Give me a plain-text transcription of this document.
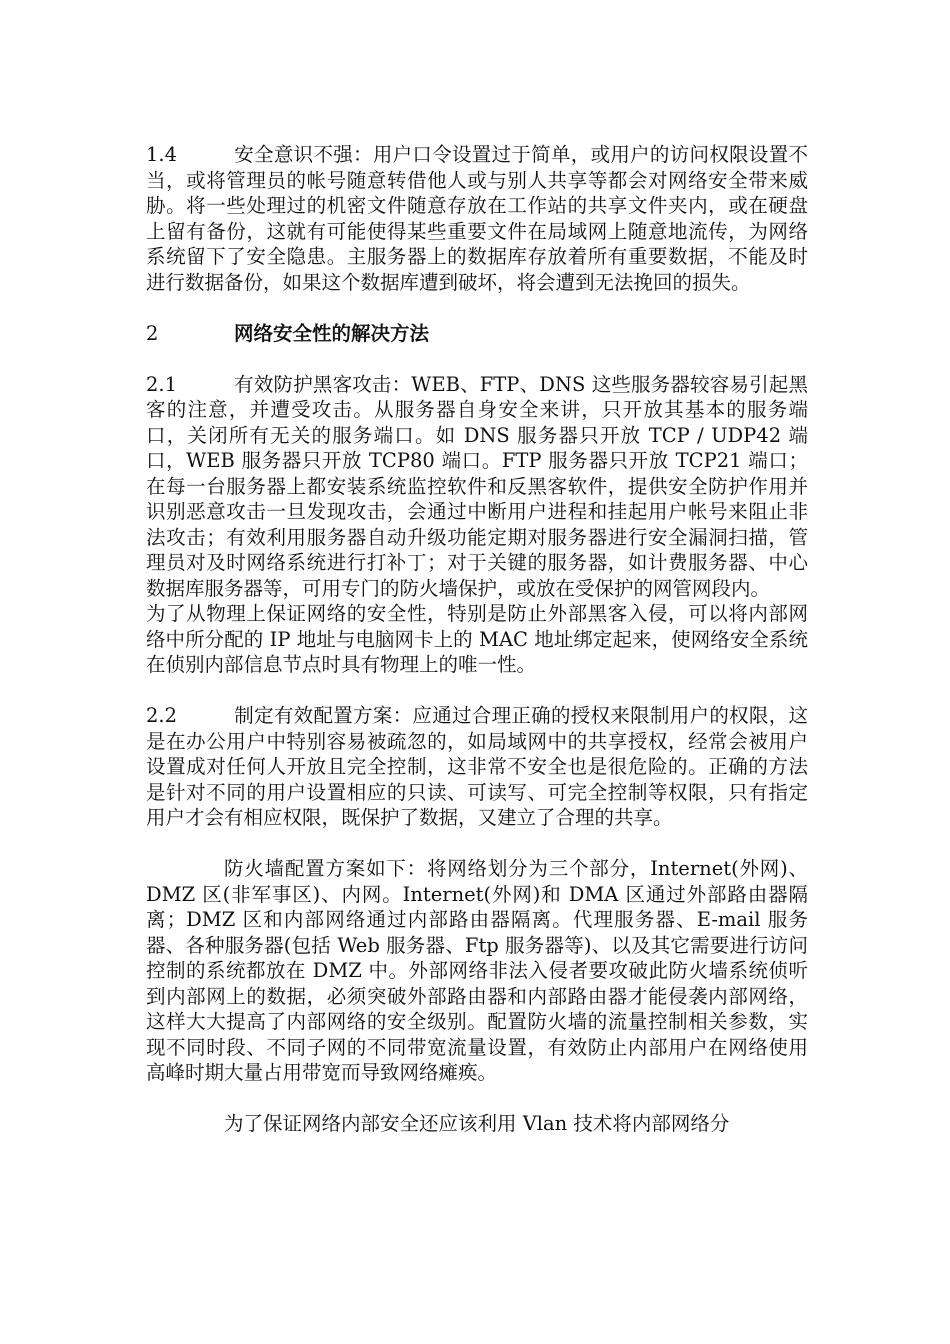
1.4	安全意识不强：用户口令设置过于简单，或用户的访问权限设置不当，或将管理员的帐号随意转借他人或与别人共享等都会对网络安全带来威胁。将一些处理过的机密文件随意存放在工作站的共享文件夹内，或在硬盘上留有备份，这就有可能使得某些重要文件在局域网上随意地流传，为网络系统留下了安全隐患。主服务器上的数据库存放着所有重要数据，不能及时进行数据备份，如果这个数据库遭到破坏，将会遭到无法挽回的损失。

2	网络安全性的解决方法

2.1	有效防护黑客攻击：WEB、FTP、DNS 这些服务器较容易引起黑客的注意，并遭受攻击。从服务器自身安全来讲，只开放其基本的服务端口，关闭所有无关的服务端口。如 DNS 服务器只开放 TCP / UDP42 端口，WEB 服务器只开放 TCP80 端口。FTP 服务器只开放 TCP21 端口；在每一台服务器上都安装系统监控软件和反黑客软件，提供安全防护作用并识别恶意攻击一旦发现攻击，会通过中断用户进程和挂起用户帐号来阻止非法攻击；有效利用服务器自动升级功能定期对服务器进行安全漏洞扫描，管理员对及时网络系统进行打补丁；对于关键的服务器，如计费服务器、中心数据库服务器等，可用专门的防火墙保护，或放在受保护的网管网段内。

为了从物理上保证网络的安全性，特别是防止外部黑客入侵，可以将内部网络中所分配的 IP 地址与电脑网卡上的 MAC 地址绑定起来，使网络安全系统在侦别内部信息节点时具有物理上的唯一性。

2.2	制定有效配置方案：应通过合理正确的授权来限制用户的权限，这是在办公用户中特别容易被疏忽的，如局域网中的共享授权，经常会被用户设置成对任何人开放且完全控制，这非常不安全也是很危险的。正确的方法是针对不同的用户设置相应的只读、可读写、可完全控制等权限，只有指定用户才会有相应权限，既保护了数据，又建立了合理的共享。

防火墙配置方案如下：将网络划分为三个部分，Internet(外网)、DMZ 区(非军事区)、内网。Internet(外网)和 DMA 区通过外部路由器隔离；DMZ 区和内部网络通过内部路由器隔离。代理服务器、E-mail 服务器、各种服务器(包括 Web 服务器、Ftp 服务器等)、以及其它需要进行访问控制的系统都放在 DMZ 中。外部网络非法入侵者要攻破此防火墙系统侦听到内部网上的数据，必须突破外部路由器和内部路由器才能侵袭内部网络，这样大大提高了内部网络的安全级别。配置防火墙的流量控制相关参数，实现不同时段、不同子网的不同带宽流量设置，有效防止内部用户在网络使用高峰时期大量占用带宽而导致网络瘫痪。

为了保证网络内部安全还应该利用 Vlan 技术将内部网络分
